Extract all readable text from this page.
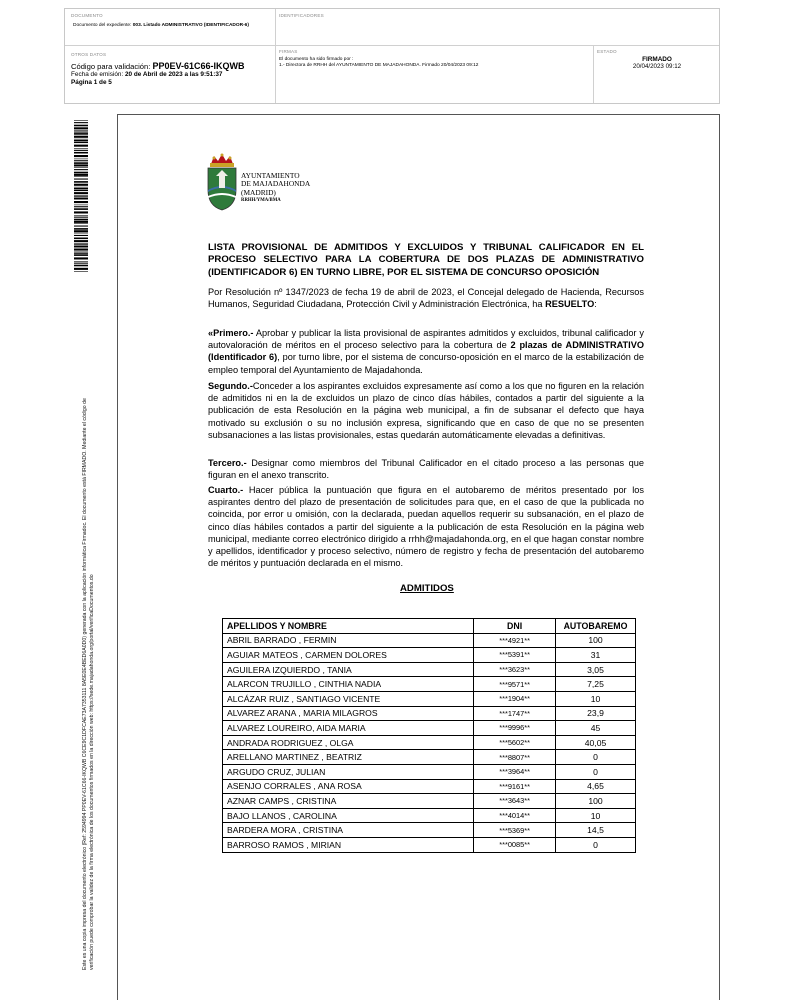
DOCUMENTO
Documento del expediente: 003. Listado ADMINISTRATIVO (IDENTIFICADOR-6)
IDENTIFICADORES
OTROS DATOS
Código para validación: PP0EV-61C66-IKQWB
Fecha de emisión: 20 de Abril de 2023 a las 9:51:37
Página 1 de 5
FIRMAS
El documento ha sido firmado por :
1.- Directora de RRHH del AYUNTAMIENTO DE MAJADAHONDA. Firmado 20/04/2023 09:12
ESTADO
FIRMADO
20/04/2023 09:12
Este es una copia impresa del documento electrónico (Ref: 2594994 PP0EV-61C66-IKQWB C6CE9C1DFCAE73A7353111 8A5E0E4BED6A0D0) generada con la aplicación informática Firmadoc. El documento está FIRMADO. Mediante el código de verificación puede comprobar la validez de la firma electrónica de los documentos firmados en la dirección web: https://sede.majadahonda.org/portal/verificaDocumentos.do
AYUNTAMIENTO
DE MAJADAHONDA
(MADRID)
RRHH/YMA/BMA
LISTA PROVISIONAL DE ADMITIDOS Y EXCLUIDOS Y TRIBUNAL CALIFICADOR EN EL PROCESO SELECTIVO PARA LA COBERTURA DE DOS PLAZAS DE ADMINISTRATIVO (IDENTIFICADOR 6) EN TURNO LIBRE, POR EL SISTEMA DE CONCURSO OPOSICIÓN
Por Resolución nº 1347/2023 de fecha 19 de abril de 2023, el Concejal delegado de Hacienda, Recursos Humanos, Seguridad Ciudadana, Protección Civil y Administración Electrónica, ha RESUELTO:
«Primero.- Aprobar y publicar la lista provisional de aspirantes admitidos y excluidos, tribunal calificador y autovaloración de méritos en el proceso selectivo para la cobertura de 2 plazas de ADMINISTRATIVO (Identificador 6), por turno libre, por el sistema de concurso-oposición en el marco de la estabilización de empleo temporal del Ayuntamiento de Majadahonda.
Segundo.-Conceder a los aspirantes excluidos expresamente así como a los que no figuren en la relación de admitidos ni en la de excluidos un plazo de cinco días hábiles, contados a partir del siguiente a la publicación de esta Resolución en la página web municipal, a fin de subsanar el defecto que haya motivado su exclusión o su no inclusión expresa, significando que en caso de que no se presenten subsanaciones a las listas provisionales, estas quedarán automáticamente elevadas a definitivas.
Tercero.- Designar como miembros del Tribunal Calificador en el citado proceso a las personas que figuran en el anexo transcrito.
Cuarto.- Hacer pública la puntuación que figura en el autobaremo de méritos presentado por los aspirantes dentro del plazo de presentación de solicitudes para que, en el caso de que la publicada no coincida, por error u omisión, con la declarada, puedan aquellos requerir su subsanación, en el plazo de cinco días hábiles contados a partir del siguiente a la publicación de esta Resolución en la página web municipal, mediante correo electrónico dirigido a rrhh@majadahonda.org, en el que hagan constar nombre y apellidos, identificador y proceso selectivo, número de registro y fecha de presentación del autobaremo de méritos y puntuación declarada en el mismo.
ADMITIDOS
APELLIDOS Y NOMBRE	DNI	AUTOBAREMO
ABRIL BARRADO , FERMIN	***4921**	100
AGUIAR MATEOS , CARMEN DOLORES	***5391**	31
AGUILERA IZQUIERDO , TANIA	***3623**	3,05
ALARCON TRUJILLO , CINTHIA NADIA	***9571**	7,25
ALCÁZAR RUIZ , SANTIAGO VICENTE	***1904**	10
ALVAREZ ARANA , MARIA MILAGROS	***1747**	23,9
ALVAREZ LOUREIRO, AIDA MARIA	***9996**	45
ANDRADA RODRIGUEZ , OLGA	***5602**	40,05
ARELLANO MARTINEZ , BEATRIZ	***8807**	0
ARGUDO CRUZ, JULIAN	***3964**	0
ASENJO CORRALES , ANA ROSA	***9161**	4,65
AZNAR CAMPS , CRISTINA	***3643**	100
BAJO LLANOS , CAROLINA	***4014**	10
BARDERA MORA , CRISTINA	***5369**	14,5
BARROSO RAMOS , MIRIAN	***0085**	0
